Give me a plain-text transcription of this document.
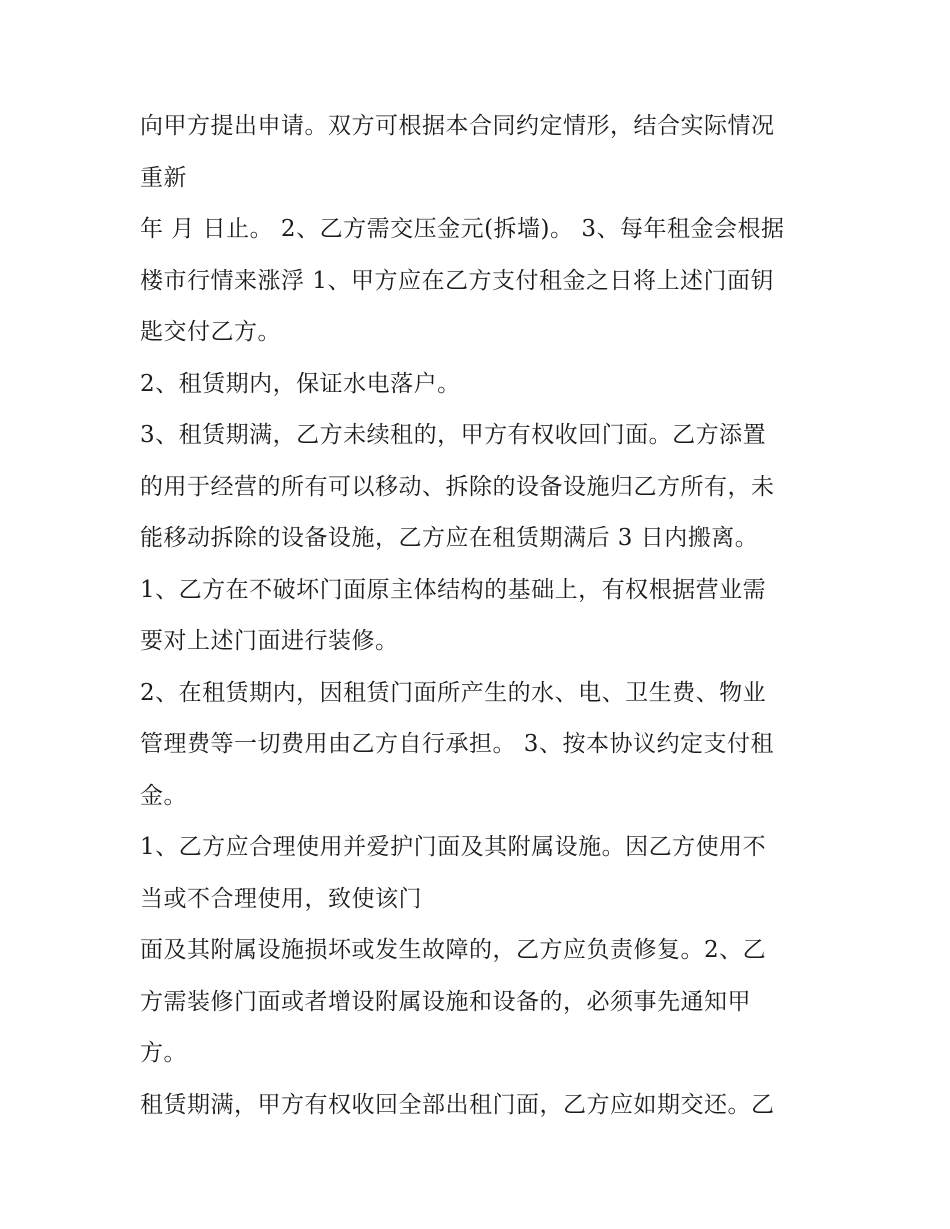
向甲方提出申请。双方可根据本合同约定情形，结合实际情况
重新
年 月 日止。 2、乙方需交压金元(拆墙)。 3、每年租金会根据
楼市行情来涨浮 1、甲方应在乙方支付租金之日将上述门面钥
匙交付乙方。
2、租赁期内，保证水电落户。
3、租赁期满，乙方未续租的，甲方有权收回门面。乙方添置
的用于经营的所有可以移动、拆除的设备设施归乙方所有，未
能移动拆除的设备设施，乙方应在租赁期满后 3 日内搬离。
1、乙方在不破坏门面原主体结构的基础上，有权根据营业需
要对上述门面进行装修。
2、在租赁期内，因租赁门面所产生的水、电、卫生费、物业
管理费等一切费用由乙方自行承担。 3、按本协议约定支付租
金。
1、乙方应合理使用并爱护门面及其附属设施。因乙方使用不
当或不合理使用，致使该门
面及其附属设施损坏或发生故障的，乙方应负责修复。2、乙
方需装修门面或者增设附属设施和设备的，必须事先通知甲
方。
租赁期满，甲方有权收回全部出租门面，乙方应如期交还。乙
